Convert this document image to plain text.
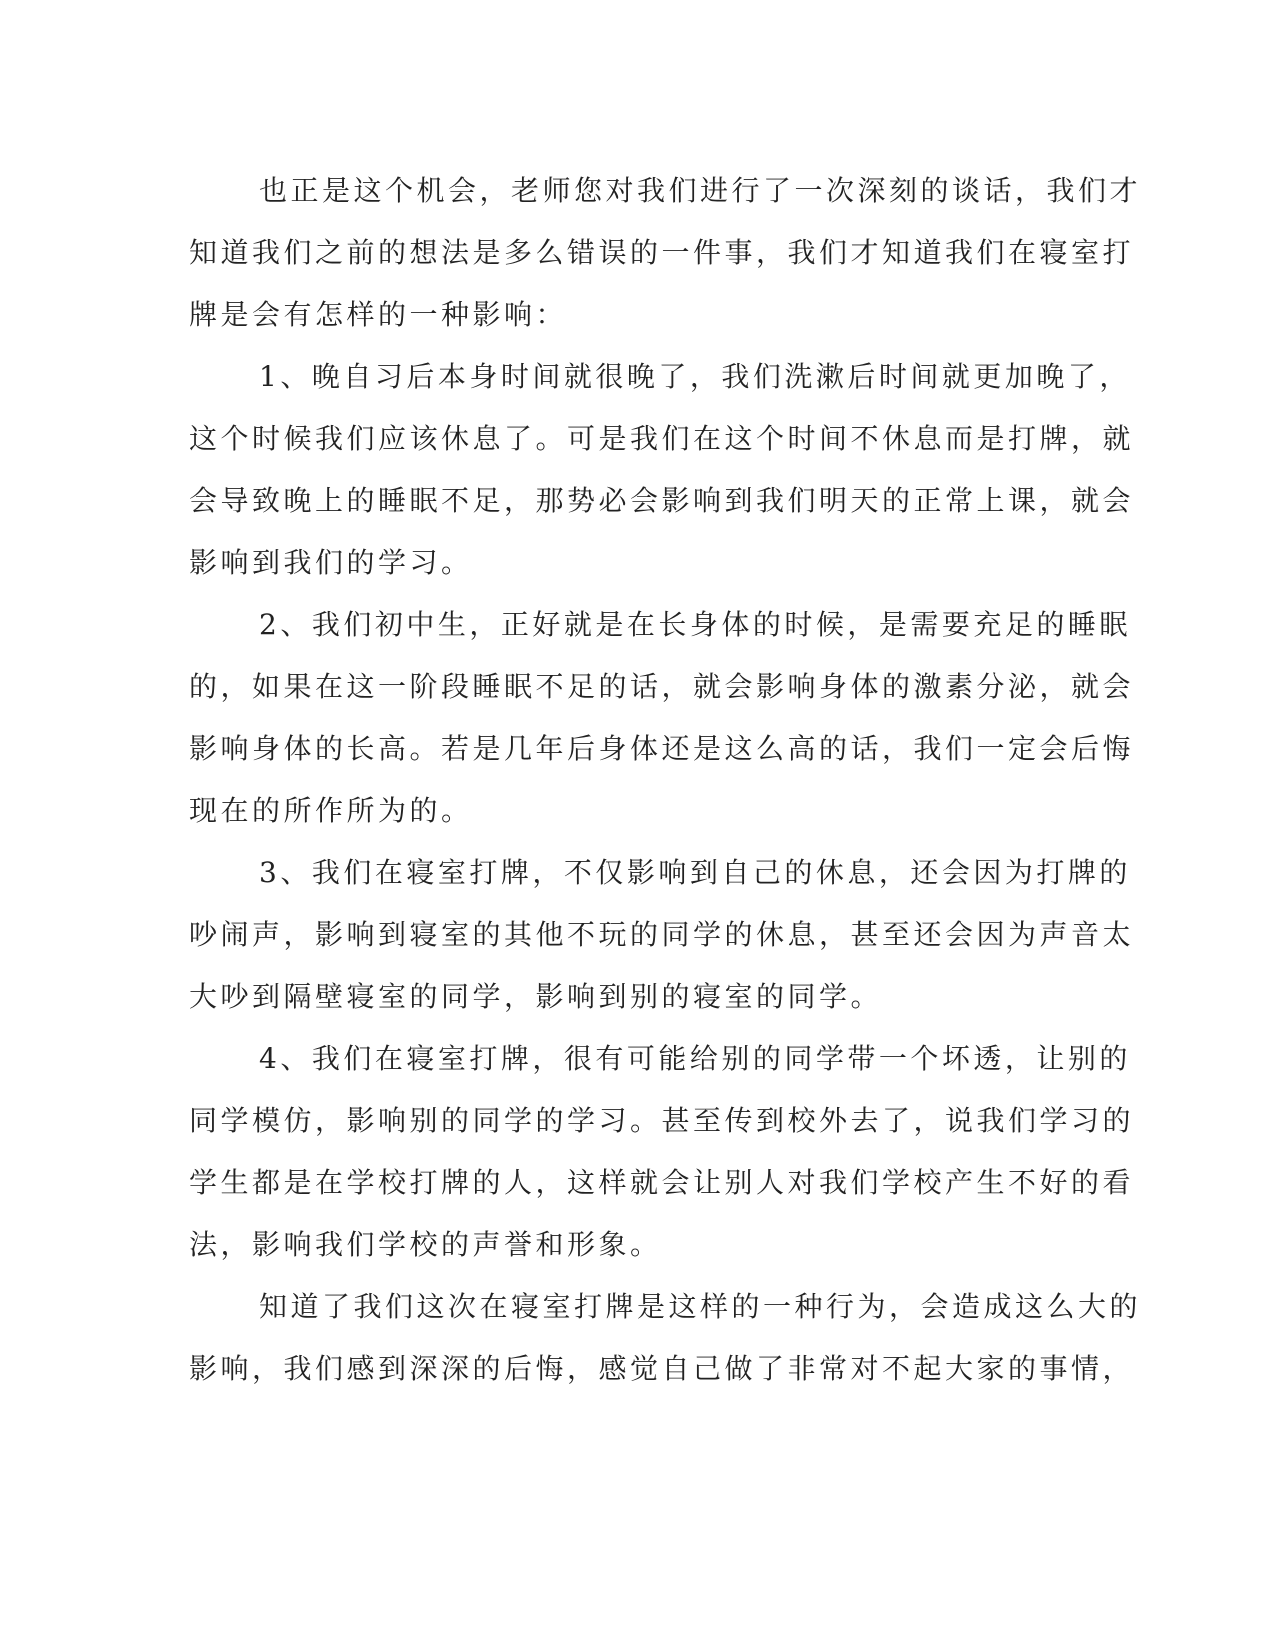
也正是这个机会，老师您对我们进行了一次深刻的谈话，我们才
知道我们之前的想法是多么错误的一件事，我们才知道我们在寝室打
牌是会有怎样的一种影响：
1、晚自习后本身时间就很晚了，我们洗漱后时间就更加晚了，
这个时候我们应该休息了。可是我们在这个时间不休息而是打牌，就
会导致晚上的睡眠不足，那势必会影响到我们明天的正常上课，就会
影响到我们的学习。
2、我们初中生，正好就是在长身体的时候，是需要充足的睡眠
的，如果在这一阶段睡眠不足的话，就会影响身体的激素分泌，就会
影响身体的长高。若是几年后身体还是这么高的话，我们一定会后悔
现在的所作所为的。
3、我们在寝室打牌，不仅影响到自己的休息，还会因为打牌的
吵闹声，影响到寝室的其他不玩的同学的休息，甚至还会因为声音太
大吵到隔壁寝室的同学，影响到别的寝室的同学。
4、我们在寝室打牌，很有可能给别的同学带一个坏透，让别的
同学模仿，影响别的同学的学习。甚至传到校外去了，说我们学习的
学生都是在学校打牌的人，这样就会让别人对我们学校产生不好的看
法，影响我们学校的声誉和形象。
知道了我们这次在寝室打牌是这样的一种行为，会造成这么大的
影响，我们感到深深的后悔，感觉自己做了非常对不起大家的事情，
